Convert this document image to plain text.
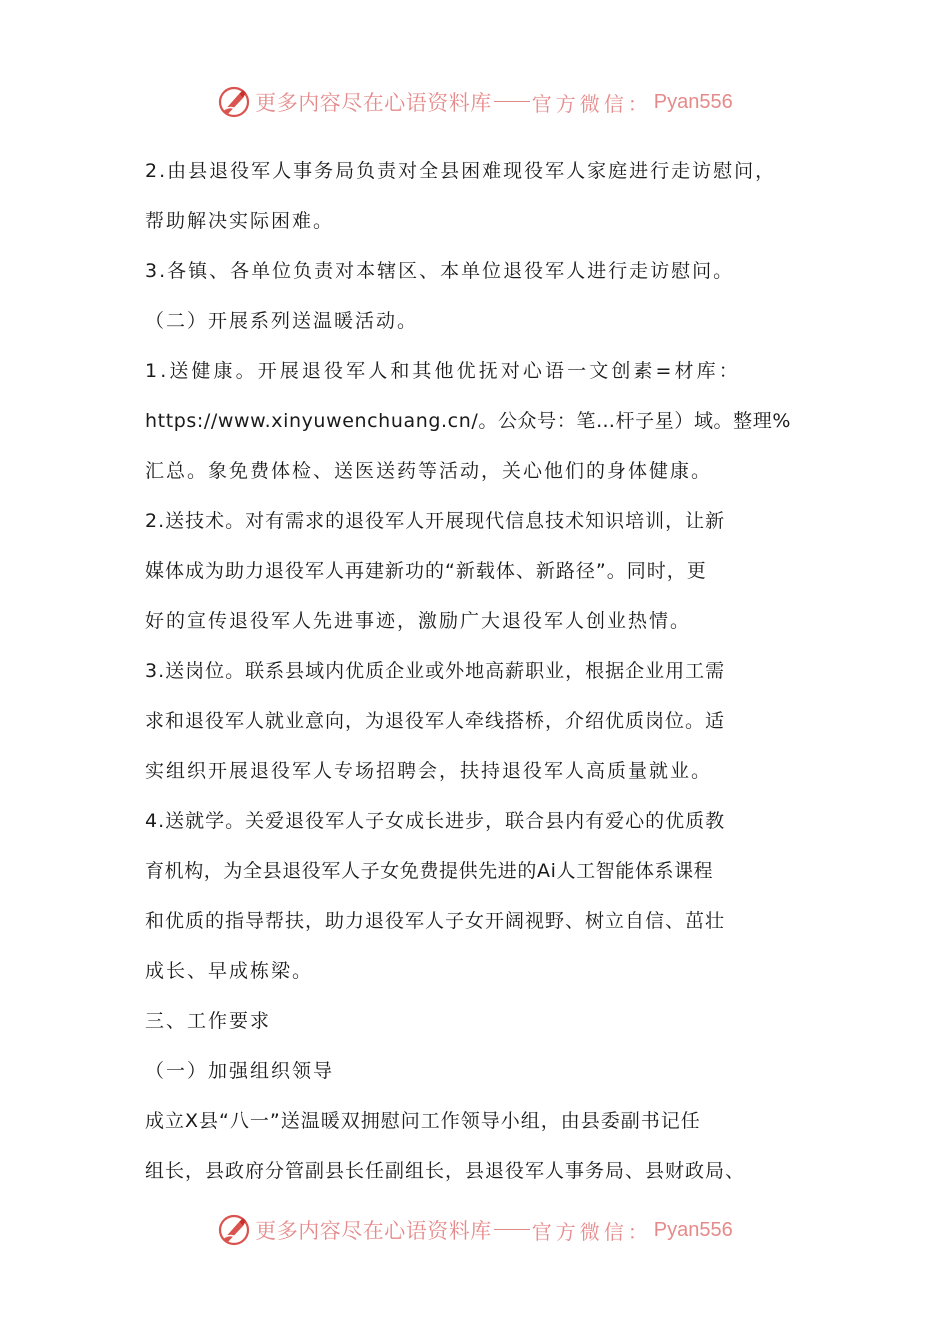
更多内容尽在心语资料库 官方微信： Pyan556
2.由县退役军人事务局负责对全县困难现役军人家庭进行走访慰问，
帮助解决实际困难。
3.各镇、各单位负责对本辖区、本单位退役军人进行走访慰问。
（二）开展系列送温暖活动。
1.送健康。开展退役军人和其他优抚对心语一文创素=材库：
https://www.xinyuwenchuang.cn/。公众号：笔…杆子星）域。整理%
汇总。象免费体检、送医送药等活动，关心他们的身体健康。
2.送技术。对有需求的退役军人开展现代信息技术知识培训，让新
媒体成为助力退役军人再建新功的“新载体、新路径”。同时，更
好的宣传退役军人先进事迹，激励广大退役军人创业热情。
3.送岗位。联系县域内优质企业或外地高薪职业，根据企业用工需
求和退役军人就业意向，为退役军人牵线搭桥，介绍优质岗位。适
实组织开展退役军人专场招聘会，扶持退役军人高质量就业。
4.送就学。关爱退役军人子女成长进步，联合县内有爱心的优质教
育机构，为全县退役军人子女免费提供先进的Ai人工智能体系课程
和优质的指导帮扶，助力退役军人子女开阔视野、树立自信、茁壮
成长、早成栋梁。
三、工作要求
（一）加强组织领导
成立X县“八一”送温暖双拥慰问工作领导小组，由县委副书记任
组长，县政府分管副县长任副组长，县退役军人事务局、县财政局、
更多内容尽在心语资料库 官方微信： Pyan556
